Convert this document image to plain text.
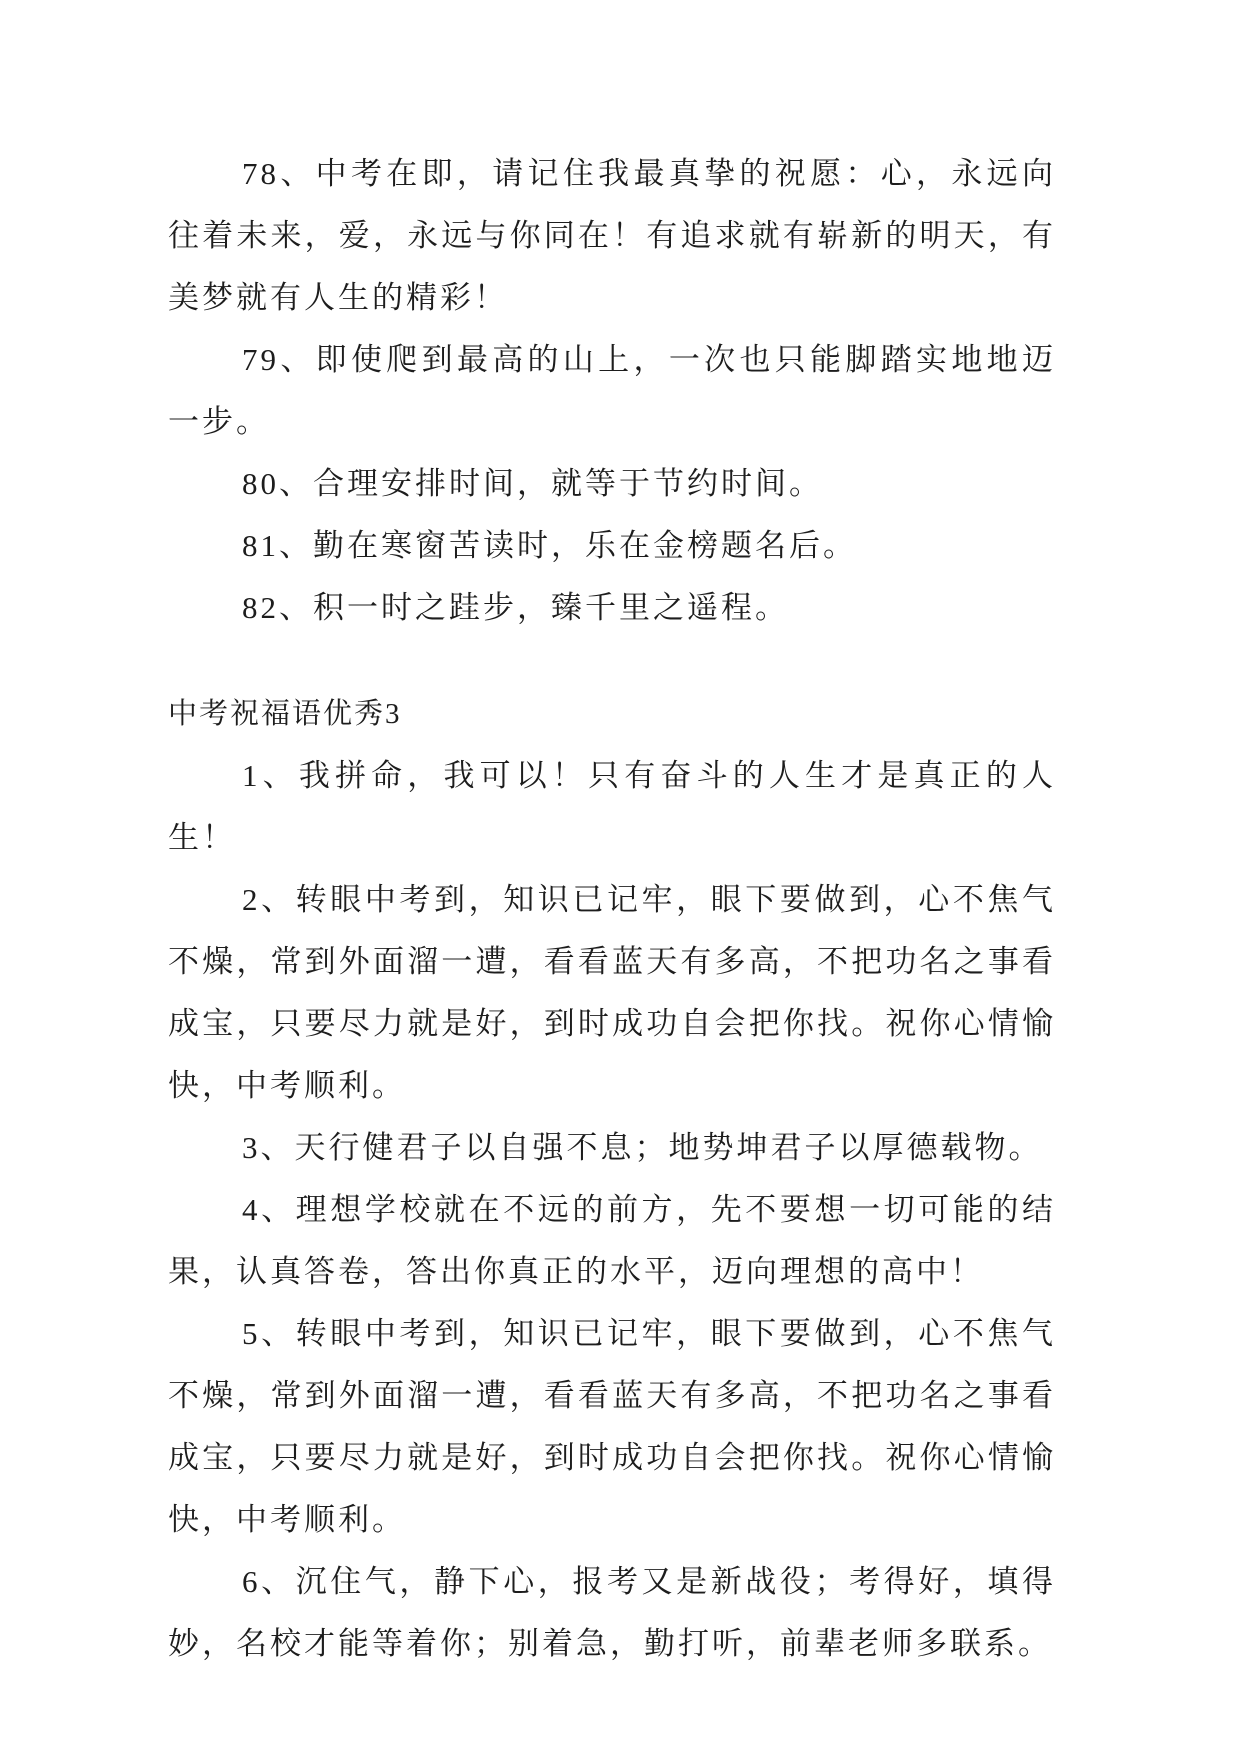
78、中考在即，请记住我最真挚的祝愿：心，永远向往着未来，爱，永远与你同在！有追求就有崭新的明天，有美梦就有人生的精彩！

79、即使爬到最高的山上，一次也只能脚踏实地地迈一步。

80、合理安排时间，就等于节约时间。

81、勤在寒窗苦读时，乐在金榜题名后。

82、积一时之跬步，臻千里之遥程。

中考祝福语优秀3

1、我拼命，我可以！只有奋斗的人生才是真正的人生！

2、转眼中考到，知识已记牢，眼下要做到，心不焦气不燥，常到外面溜一遭，看看蓝天有多高，不把功名之事看成宝，只要尽力就是好，到时成功自会把你找。祝你心情愉快，中考顺利。

3、天行健君子以自强不息；地势坤君子以厚德载物。

4、理想学校就在不远的前方，先不要想一切可能的结果，认真答卷，答出你真正的水平，迈向理想的高中！

5、转眼中考到，知识已记牢，眼下要做到，心不焦气不燥，常到外面溜一遭，看看蓝天有多高，不把功名之事看成宝，只要尽力就是好，到时成功自会把你找。祝你心情愉快，中考顺利。

6、沉住气，静下心，报考又是新战役；考得好，填得妙，名校才能等着你；别着急，勤打听，前辈老师多联系。
